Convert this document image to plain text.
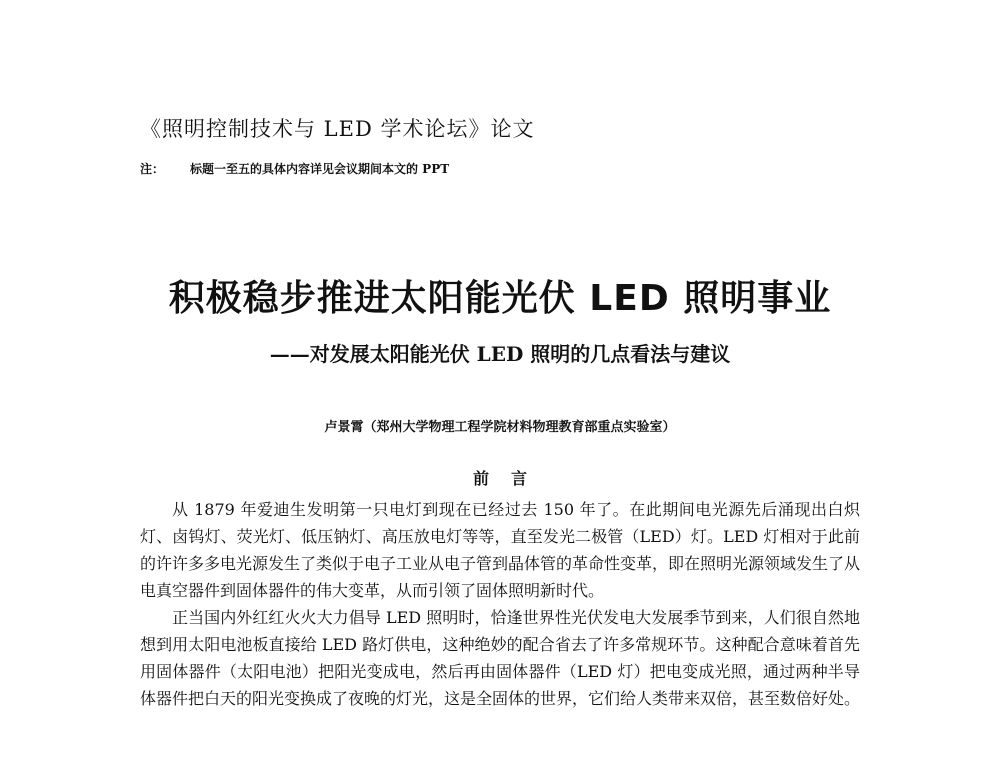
《照明控制技术与 LED 学术论坛》论文
注： 标题一至五的具体内容详见会议期间本文的 PPT
积极稳步推进太阳能光伏 LED 照明事业
——对发展太阳能光伏 LED 照明的几点看法与建议
卢景霄（郑州大学物理工程学院材料物理教育部重点实验室）
前言

从 1879 年爱迪生发明第一只电灯到现在已经过去 150 年了。在此期间电光源先后涌现出白炽灯、卤钨灯、荧光灯、低压钠灯、高压放电灯等等，直至发光二极管（LED）灯。LED 灯相对于此前的许许多多电光源发生了类似于电子工业从电子管到晶体管的革命性变革，即在照明光源领域发生了从电真空器件到固体器件的伟大变革，从而引领了固体照明新时代。

正当国内外红红火火大力倡导 LED 照明时，恰逢世界性光伏发电大发展季节到来，人们很自然地想到用太阳电池板直接给 LED 路灯供电，这种绝妙的配合省去了许多常规环节。这种配合意味着首先用固体器件（太阳电池）把阳光变成电，然后再由固体器件（LED 灯）把电变成光照，通过两种半导体器件把白天的阳光变换成了夜晚的灯光，这是全固体的世界，它们给人类带来双倍，甚至数倍好处。
